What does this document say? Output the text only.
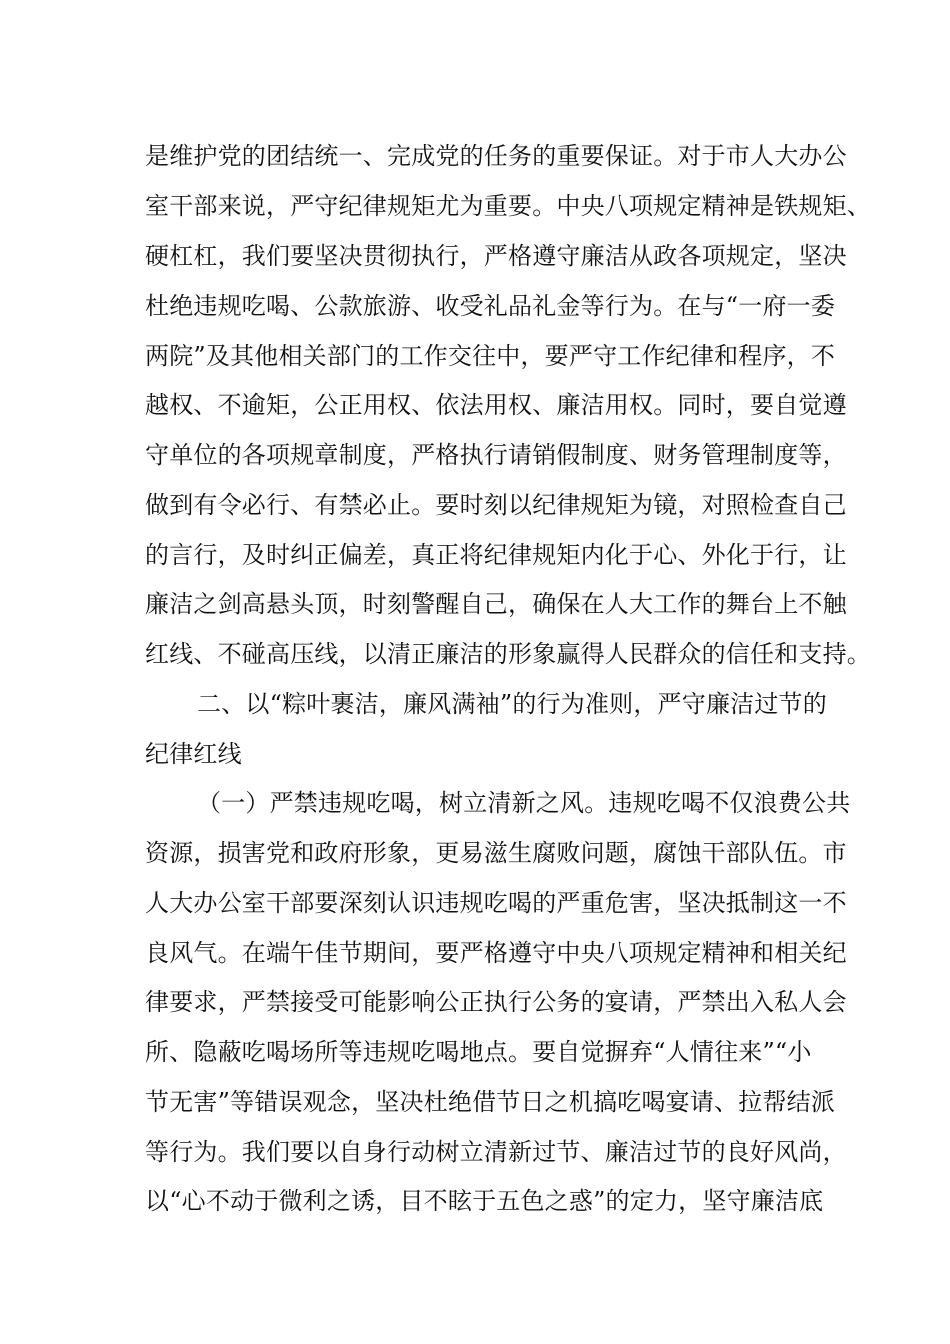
是维护党的团结统一、完成党的任务的重要保证。对于市人大办公
室干部来说，严守纪律规矩尤为重要。中央八项规定精神是铁规矩、
硬杠杠，我们要坚决贯彻执行，严格遵守廉洁从政各项规定，坚决
杜绝违规吃喝、公款旅游、收受礼品礼金等行为。在与“一府一委
两院”及其他相关部门的工作交往中，要严守工作纪律和程序，不
越权、不逾矩，公正用权、依法用权、廉洁用权。同时，要自觉遵
守单位的各项规章制度，严格执行请销假制度、财务管理制度等，
做到有令必行、有禁必止。要时刻以纪律规矩为镜，对照检查自己
的言行，及时纠正偏差，真正将纪律规矩内化于心、外化于行，让
廉洁之剑高悬头顶，时刻警醒自己，确保在人大工作的舞台上不触
红线、不碰高压线，以清正廉洁的形象赢得人民群众的信任和支持。
二、以“粽叶裹洁，廉风满袖”的行为准则，严守廉洁过节的
纪律红线
（一）严禁违规吃喝，树立清新之风。违规吃喝不仅浪费公共
资源，损害党和政府形象，更易滋生腐败问题，腐蚀干部队伍。市
人大办公室干部要深刻认识违规吃喝的严重危害，坚决抵制这一不
良风气。在端午佳节期间，要严格遵守中央八项规定精神和相关纪
律要求，严禁接受可能影响公正执行公务的宴请，严禁出入私人会
所、隐蔽吃喝场所等违规吃喝地点。要自觉摒弃“人情往来”“小
节无害”等错误观念，坚决杜绝借节日之机搞吃喝宴请、拉帮结派
等行为。我们要以自身行动树立清新过节、廉洁过节的良好风尚，
以“心不动于微利之诱，目不眩于五色之惑”的定力，坚守廉洁底
